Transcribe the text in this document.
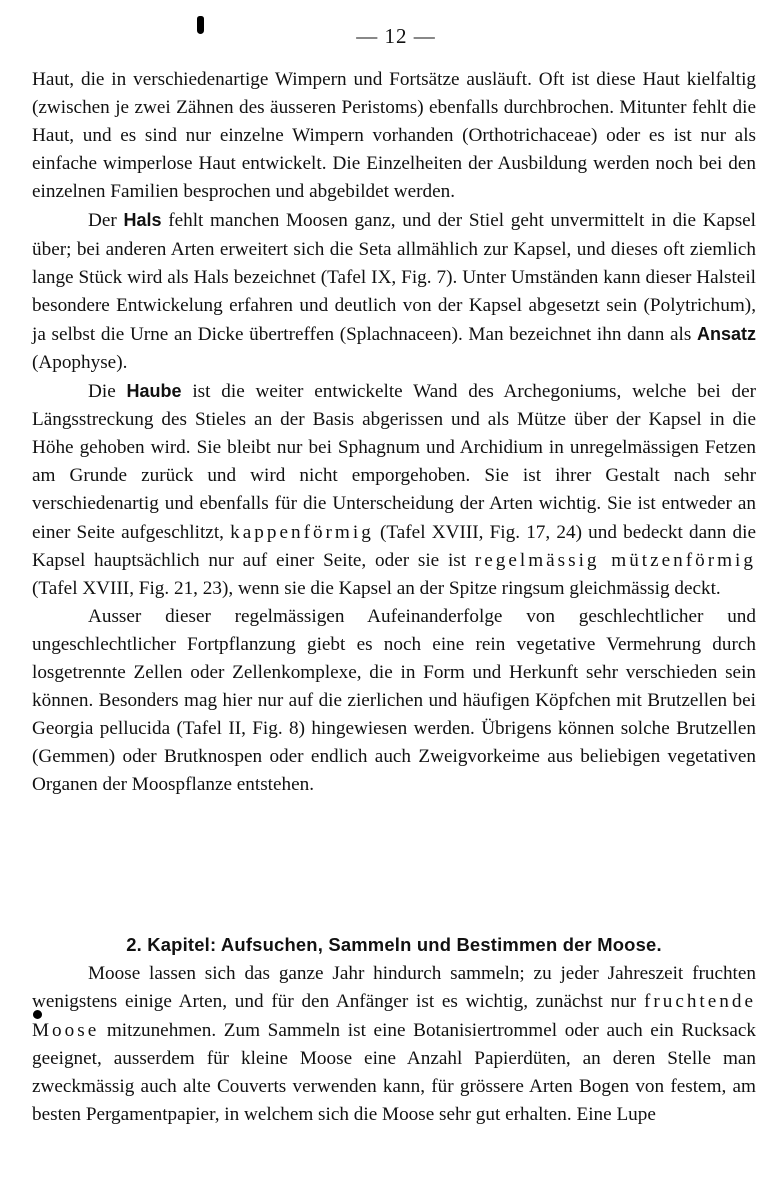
— 12 —

Haut, die in verschiedenartige Wimpern und Fortsätze ausläuft. Oft ist diese Haut kielfaltig (zwischen je zwei Zähnen des äusseren Peristoms) ebenfalls durchbrochen. Mitunter fehlt die Haut, und es sind nur einzelne Wimpern vorhanden (Orthotrichaceae) oder es ist nur als einfache wimperlose Haut entwickelt. Die Einzelheiten der Ausbildung werden noch bei den einzelnen Familien besprochen und abgebildet werden.

Der Hals fehlt manchen Moosen ganz, und der Stiel geht unvermittelt in die Kapsel über; bei anderen Arten erweitert sich die Seta allmählich zur Kapsel, und dieses oft ziemlich lange Stück wird als Hals bezeichnet (Tafel IX, Fig. 7). Unter Umständen kann dieser Halsteil besondere Entwickelung erfahren und deutlich von der Kapsel abgesetzt sein (Polytrichum), ja selbst die Urne an Dicke übertreffen (Splachnaceen). Man bezeichnet ihn dann als Ansatz (Apophyse).

Die Haube ist die weiter entwickelte Wand des Archegoniums, welche bei der Längsstreckung des Stieles an der Basis abgerissen und als Mütze über der Kapsel in die Höhe gehoben wird. Sie bleibt nur bei Sphagnum und Archidium in unregelmässigen Fetzen am Grunde zurück und wird nicht emporgehoben. Sie ist ihrer Gestalt nach sehr verschiedenartig und ebenfalls für die Unterscheidung der Arten wichtig. Sie ist entweder an einer Seite aufgeschlitzt, kappenförmig (Tafel XVIII, Fig. 17, 24) und bedeckt dann die Kapsel hauptsächlich nur auf einer Seite, oder sie ist regelmässig mützenförmig (Tafel XVIII, Fig. 21, 23), wenn sie die Kapsel an der Spitze ringsum gleichmässig deckt.

Ausser dieser regelmässigen Aufeinanderfolge von geschlechtlicher und ungeschlechtlicher Fortpflanzung giebt es noch eine rein vegetative Vermehrung durch losgetrennte Zellen oder Zellenkomplexe, die in Form und Herkunft sehr verschieden sein können. Besonders mag hier nur auf die zierlichen und häufigen Köpfchen mit Brutzellen bei Georgia pellucida (Tafel II, Fig. 8) hingewiesen werden. Übrigens können solche Brutzellen (Gemmen) oder Brutknospen oder endlich auch Zweigvorkeime aus beliebigen vegetativen Organen der Moospflanze entstehen.

2. Kapitel: Aufsuchen, Sammeln und Bestimmen der Moose.

Moose lassen sich das ganze Jahr hindurch sammeln; zu jeder Jahreszeit fruchten wenigstens einige Arten, und für den Anfänger ist es wichtig, zunächst nur fruchtende Moose mitzunehmen. Zum Sammeln ist eine Botanisiertrommel oder auch ein Rucksack geeignet, ausserdem für kleine Moose eine Anzahl Papierdüten, an deren Stelle man zweckmässig auch alte Couverts verwenden kann, für grössere Arten Bogen von festem, am besten Pergamentpapier, in welchem sich die Moose sehr gut erhalten. Eine Lupe
